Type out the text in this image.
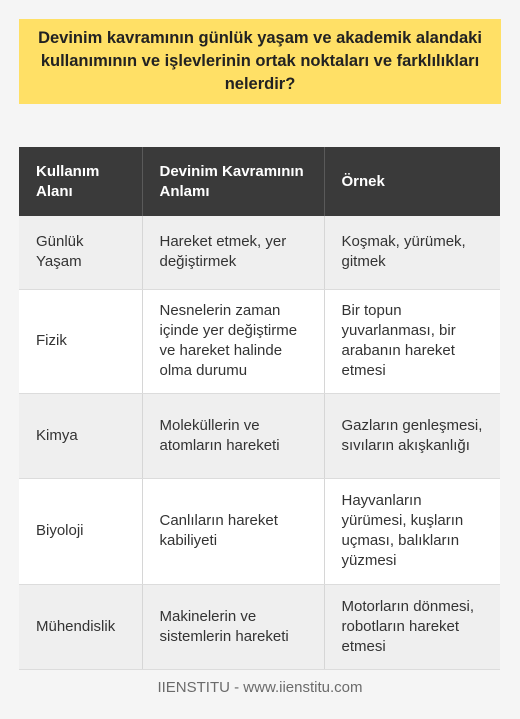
Devinim kavramının günlük yaşam ve akademik alandaki kullanımının ve işlevlerinin ortak noktaları ve farklılıkları nelerdir?
Kullanım Alanı	Devinim Kavramının Anlamı	Örnek
Günlük Yaşam	Hareket etmek, yer değiştirmek	Koşmak, yürümek, gitmek
Fizik	Nesnelerin zaman içinde yer değiştirme ve hareket halinde olma durumu	Bir topun yuvarlanması, bir arabanın hareket etmesi
Kimya	Moleküllerin ve atomların hareketi	Gazların genleşmesi, sıvıların akışkanlığı
Biyoloji	Canlıların hareket kabiliyeti	Hayvanların yürümesi, kuşların uçması, balıkların yüzmesi
Mühendislik	Makinelerin ve sistemlerin hareketi	Motorların dönmesi, robotların hareket etmesi
IIENSTITU - www.iienstitu.com
